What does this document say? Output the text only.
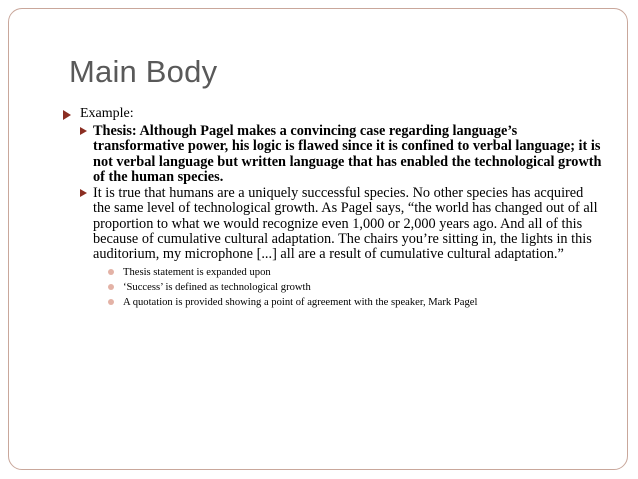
Main Body
Example:
Thesis: Although Pagel makes a convincing case regarding language’s transformative power, his logic is flawed since it is confined to verbal language; it is not verbal language but written language that has enabled the technological growth of the human species.
It is true that humans are a uniquely successful species. No other species has acquired the same level of technological growth. As Pagel says, “the world has changed out of all proportion to what we would recognize even 1,000 or 2,000 years ago. And all of this because of cumulative cultural adaptation. The chairs you’re sitting in, the lights in this auditorium, my microphone [...] all are a result of cumulative cultural adaptation.”
Thesis statement is expanded upon
‘Success’ is defined as technological growth
A quotation is provided showing a point of agreement with the speaker, Mark Pagel
